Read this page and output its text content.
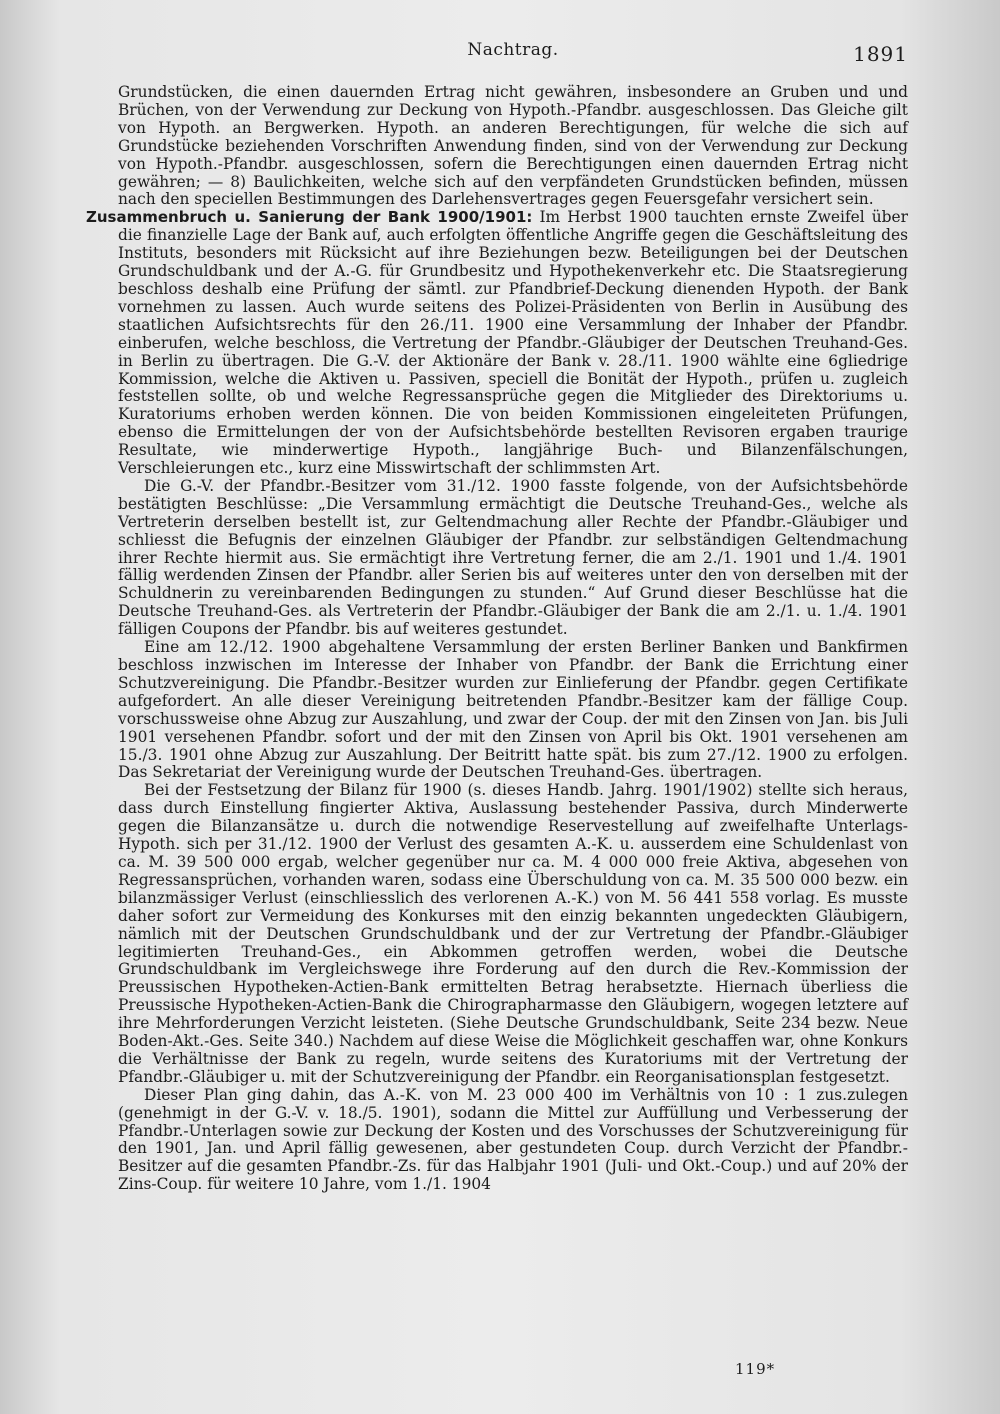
Nachtrag.	1891

Grundstücken, die einen dauernden Ertrag nicht gewähren, insbesondere an Gruben und und Brüchen, von der Verwendung zur Deckung von Hypoth.-Pfandbr. ausgeschlossen. Das Gleiche gilt von Hypoth. an Bergwerken. Hypoth. an anderen Berechtigungen, für welche die sich auf Grundstücke beziehenden Vorschriften Anwendung finden, sind von der Verwendung zur Deckung von Hypoth.-Pfandbr. ausgeschlossen, sofern die Berechtigungen einen dauernden Ertrag nicht gewähren; — 8) Baulichkeiten, welche sich auf den verpfändeten Grundstücken befinden, müssen nach den speciellen Bestimmungen des Darlehensvertrages gegen Feuersgefahr versichert sein.

Zusammenbruch u. Sanierung der Bank 1900/1901: Im Herbst 1900 tauchten ernste Zweifel über die finanzielle Lage der Bank auf, auch erfolgten öffentliche Angriffe gegen die Geschäftsleitung des Instituts, besonders mit Rücksicht auf ihre Beziehungen bezw. Beteiligungen bei der Deutschen Grundschuldbank und der A.-G. für Grundbesitz und Hypothekenverkehr etc. Die Staatsregierung beschloss deshalb eine Prüfung der sämtl. zur Pfandbrief-Deckung dienenden Hypoth. der Bank vornehmen zu lassen. Auch wurde seitens des Polizei-Präsidenten von Berlin in Ausübung des staatlichen Aufsichtsrechts für den 26./11. 1900 eine Versammlung der Inhaber der Pfandbr. einberufen, welche beschloss, die Vertretung der Pfandbr.-Gläubiger der Deutschen Treuhand-Ges. in Berlin zu übertragen. Die G.-V. der Aktionäre der Bank v. 28./11. 1900 wählte eine 6gliedrige Kommission, welche die Aktiven u. Passiven, speciell die Bonität der Hypoth., prüfen u. zugleich feststellen sollte, ob und welche Regressansprüche gegen die Mitglieder des Direktoriums u. Kuratoriums erhoben werden können. Die von beiden Kommissionen eingeleiteten Prüfungen, ebenso die Ermittelungen der von der Aufsichtsbehörde bestellten Revisoren ergaben traurige Resultate, wie minderwertige Hypoth., langjährige Buch- und Bilanzenfälschungen, Verschleierungen etc., kurz eine Misswirtschaft der schlimmsten Art.

Die G.-V. der Pfandbr.-Besitzer vom 31./12. 1900 fasste folgende, von der Aufsichtsbehörde bestätigten Beschlüsse: „Die Versammlung ermächtigt die Deutsche Treuhand-Ges., welche als Vertreterin derselben bestellt ist, zur Geltendmachung aller Rechte der Pfandbr.-Gläubiger und schliesst die Befugnis der einzelnen Gläubiger der Pfandbr. zur selbständigen Geltendmachung ihrer Rechte hiermit aus. Sie ermächtigt ihre Vertretung ferner, die am 2./1. 1901 und 1./4. 1901 fällig werdenden Zinsen der Pfandbr. aller Serien bis auf weiteres unter den von derselben mit der Schuldnerin zu vereinbarenden Bedingungen zu stunden.“ Auf Grund dieser Beschlüsse hat die Deutsche Treuhand-Ges. als Vertreterin der Pfandbr.-Gläubiger der Bank die am 2./1. u. 1./4. 1901 fälligen Coupons der Pfandbr. bis auf weiteres gestundet.

Eine am 12./12. 1900 abgehaltene Versammlung der ersten Berliner Banken und Bankfirmen beschloss inzwischen im Interesse der Inhaber von Pfandbr. der Bank die Errichtung einer Schutzvereinigung. Die Pfandbr.-Besitzer wurden zur Einlieferung der Pfandbr. gegen Certifikate aufgefordert. An alle dieser Vereinigung beitretenden Pfandbr.-Besitzer kam der fällige Coup. vorschussweise ohne Abzug zur Auszahlung, und zwar der Coup. der mit den Zinsen von Jan. bis Juli 1901 versehenen Pfandbr. sofort und der mit den Zinsen von April bis Okt. 1901 versehenen am 15./3. 1901 ohne Abzug zur Auszahlung. Der Beitritt hatte spät. bis zum 27./12. 1900 zu erfolgen. Das Sekretariat der Vereinigung wurde der Deutschen Treuhand-Ges. übertragen.

Bei der Festsetzung der Bilanz für 1900 (s. dieses Handb. Jahrg. 1901/1902) stellte sich heraus, dass durch Einstellung fingierter Aktiva, Auslassung bestehender Passiva, durch Minderwerte gegen die Bilanzansätze u. durch die notwendige Reservestellung auf zweifelhafte Unterlags-Hypoth. sich per 31./12. 1900 der Verlust des gesamten A.-K. u. ausserdem eine Schuldenlast von ca. M. 39 500 000 ergab, welcher gegenüber nur ca. M. 4 000 000 freie Aktiva, abgesehen von Regressansprüchen, vorhanden waren, sodass eine Überschuldung von ca. M. 35 500 000 bezw. ein bilanzmässiger Verlust (einschliesslich des verlorenen A.-K.) von M. 56 441 558 vorlag. Es musste daher sofort zur Vermeidung des Konkurses mit den einzig bekannten ungedeckten Gläubigern, nämlich mit der Deutschen Grundschuldbank und der zur Vertretung der Pfandbr.-Gläubiger legitimierten Treuhand-Ges., ein Abkommen getroffen werden, wobei die Deutsche Grundschuldbank im Vergleichswege ihre Forderung auf den durch die Rev.-Kommission der Preussischen Hypotheken-Actien-Bank ermittelten Betrag herabsetzte. Hiernach überliess die Preussische Hypotheken-Actien-Bank die Chirographarmasse den Gläubigern, wogegen letztere auf ihre Mehrforderungen Verzicht leisteten. (Siehe Deutsche Grundschuldbank, Seite 234 bezw. Neue Boden-Akt.-Ges. Seite 340.) Nachdem auf diese Weise die Möglichkeit geschaffen war, ohne Konkurs die Verhältnisse der Bank zu regeln, wurde seitens des Kuratoriums mit der Vertretung der Pfandbr.-Gläubiger u. mit der Schutzvereinigung der Pfandbr. ein Reorganisationsplan festgesetzt.

Dieser Plan ging dahin, das A.-K. von M. 23 000 400 im Verhältnis von 10 : 1 zus.zulegen (genehmigt in der G.-V. v. 18./5. 1901), sodann die Mittel zur Auffüllung und Verbesserung der Pfandbr.-Unterlagen sowie zur Deckung der Kosten und des Vorschusses der Schutzvereinigung für den 1901, Jan. und April fällig gewesenen, aber gestundeten Coup. durch Verzicht der Pfandbr.-Besitzer auf die gesamten Pfandbr.-Zs. für das Halbjahr 1901 (Juli- und Okt.-Coup.) und auf 20% der Zins-Coup. für weitere 10 Jahre, vom 1./1. 1904

119*
